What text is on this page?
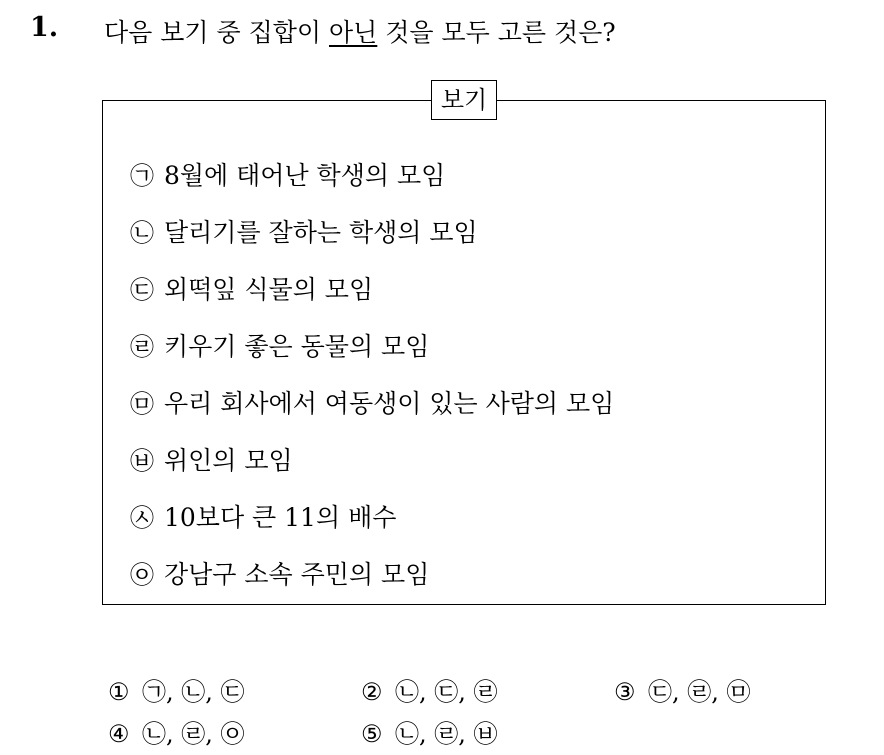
1. 다음 보기 중 집합이 아닌 것을 모두 고른 것은?
보기
㉠ 8월에 태어난 학생의 모임
㉡ 달리기를 잘하는 학생의 모임
㉢ 외떡잎 식물의 모임
㉣ 키우기 좋은 동물의 모임
㉤ 우리 회사에서 여동생이 있는 사람의 모임
㉥ 위인의 모임
㉦ 10보다 큰 11의 배수
㉧ 강남구 소속 주민의 모임
① ㉠, ㉡, ㉢	② ㉡, ㉢, ㉣	③ ㉢, ㉣, ㉤
④ ㉡, ㉣, ㉧	⑤ ㉡, ㉣, ㉥
